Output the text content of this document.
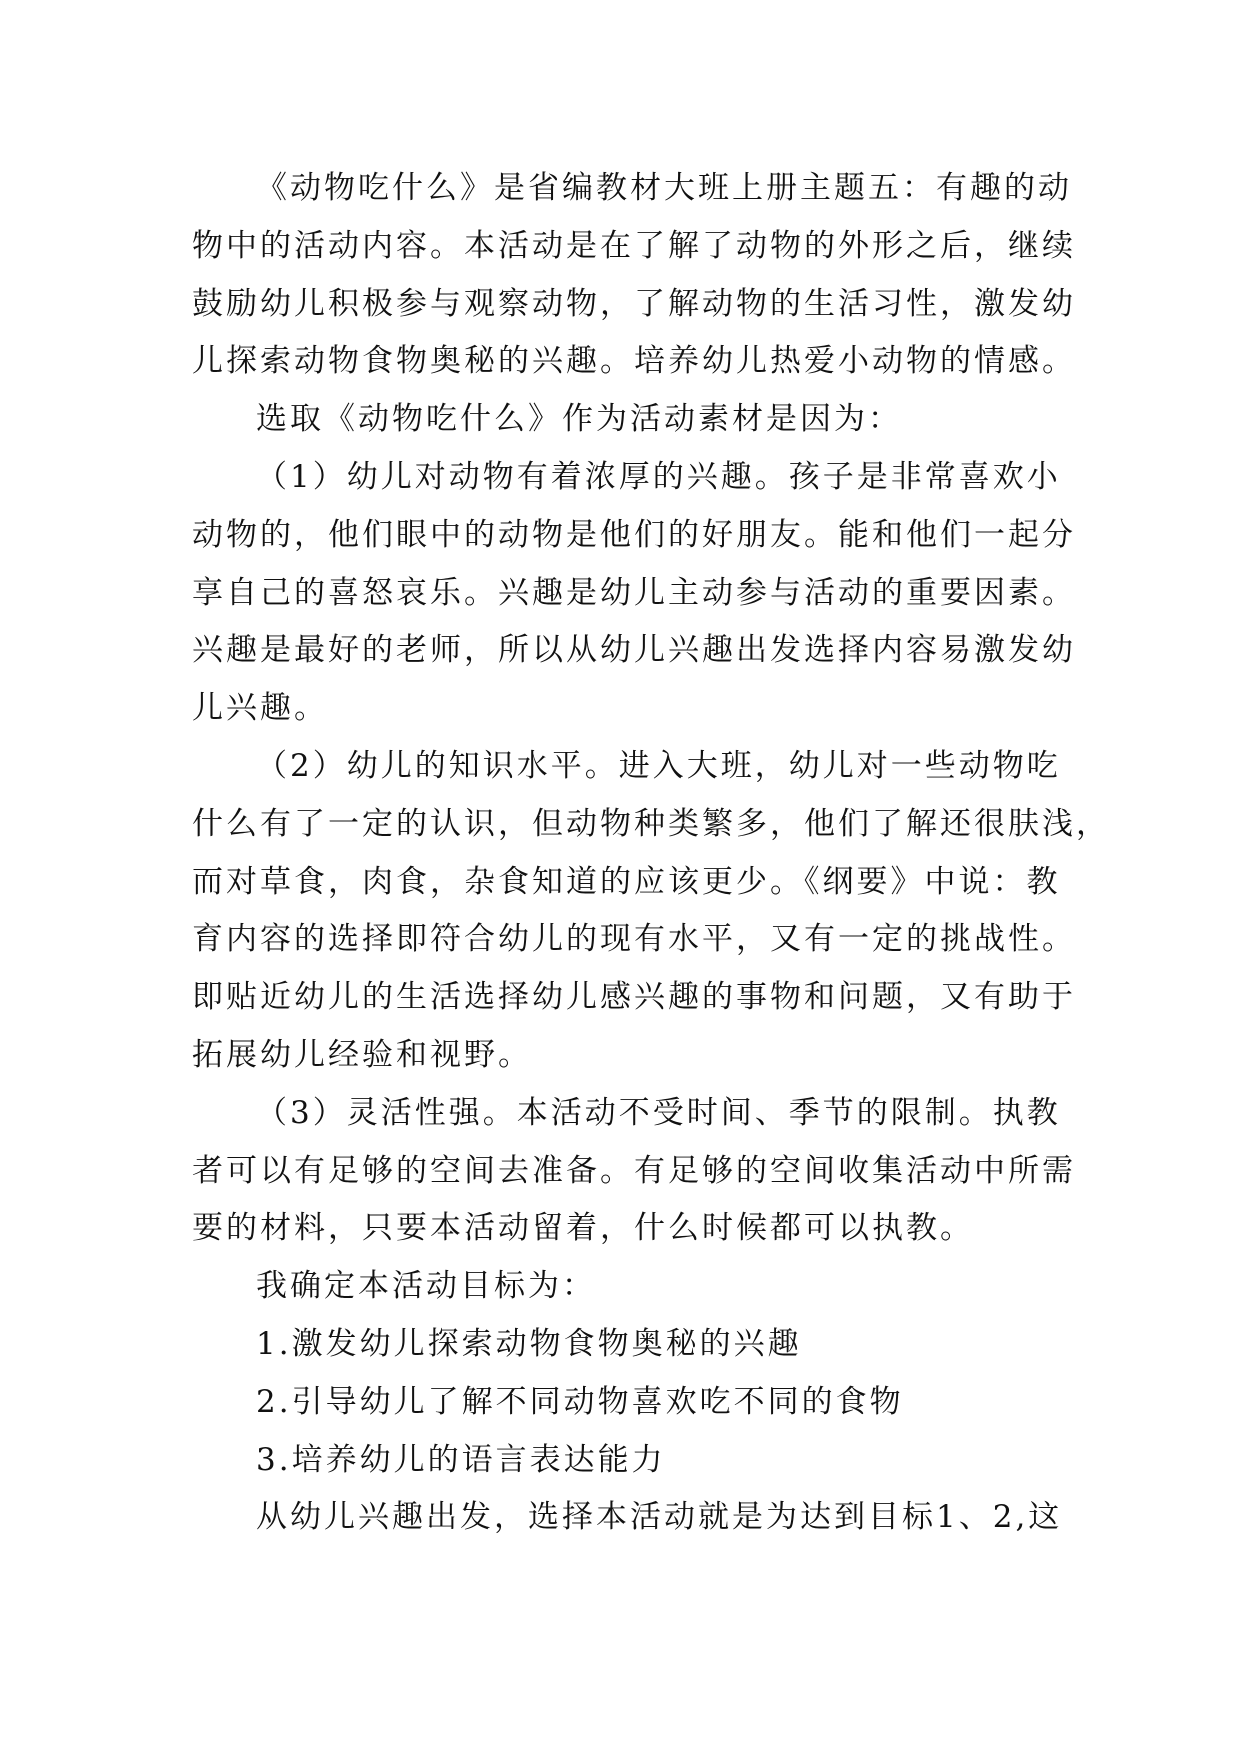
《动物吃什么》是省编教材大班上册主题五：有趣的动
物中的活动内容。本活动是在了解了动物的外形之后，继续
鼓励幼儿积极参与观察动物，了解动物的生活习性，激发幼
儿探索动物食物奥秘的兴趣。培养幼儿热爱小动物的情感。
选取《动物吃什么》作为活动素材是因为：
（1）幼儿对动物有着浓厚的兴趣。孩子是非常喜欢小
动物的，他们眼中的动物是他们的好朋友。能和他们一起分
享自己的喜怒哀乐。兴趣是幼儿主动参与活动的重要因素。
兴趣是最好的老师，所以从幼儿兴趣出发选择内容易激发幼
儿兴趣。
（2）幼儿的知识水平。进入大班，幼儿对一些动物吃
什么有了一定的认识，但动物种类繁多，他们了解还很肤浅，
而对草食，肉食，杂食知道的应该更少。《纲要》中说：教
育内容的选择即符合幼儿的现有水平，又有一定的挑战性。
即贴近幼儿的生活选择幼儿感兴趣的事物和问题，又有助于
拓展幼儿经验和视野。
（3）灵活性强。本活动不受时间、季节的限制。执教
者可以有足够的空间去准备。有足够的空间收集活动中所需
要的材料，只要本活动留着，什么时候都可以执教。
我确定本活动目标为：
1.激发幼儿探索动物食物奥秘的兴趣
2.引导幼儿了解不同动物喜欢吃不同的食物
3.培养幼儿的语言表达能力
从幼儿兴趣出发，选择本活动就是为达到目标1、2,这
